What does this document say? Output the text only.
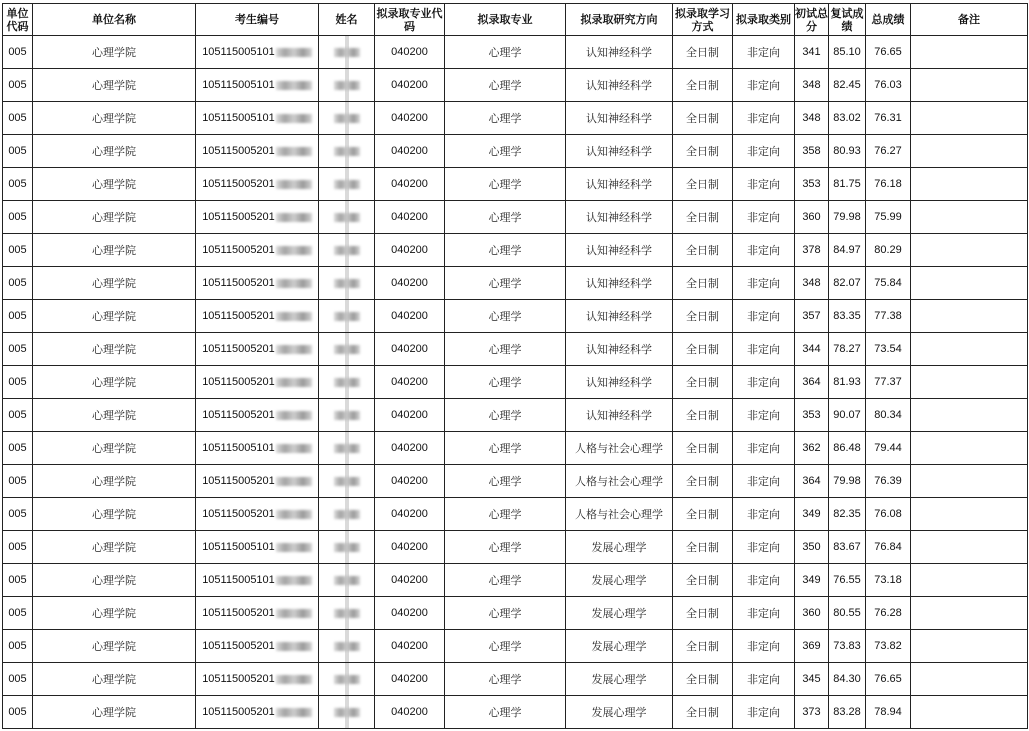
单位代码	单位名称	考生编号	姓名	拟录取专业代码	拟录取专业	拟录取研究方向	拟录取学习方式	拟录取类别	初试总分	复试成绩	总成绩	备注
005	心理学院	105115005101		040200	心理学	认知神经科学	全日制	非定向	341	85.10	76.65	
005	心理学院	105115005101		040200	心理学	认知神经科学	全日制	非定向	348	82.45	76.03	
005	心理学院	105115005101		040200	心理学	认知神经科学	全日制	非定向	348	83.02	76.31	
005	心理学院	105115005201		040200	心理学	认知神经科学	全日制	非定向	358	80.93	76.27	
005	心理学院	105115005201		040200	心理学	认知神经科学	全日制	非定向	353	81.75	76.18	
005	心理学院	105115005201		040200	心理学	认知神经科学	全日制	非定向	360	79.98	75.99	
005	心理学院	105115005201		040200	心理学	认知神经科学	全日制	非定向	378	84.97	80.29	
005	心理学院	105115005201		040200	心理学	认知神经科学	全日制	非定向	348	82.07	75.84	
005	心理学院	105115005201		040200	心理学	认知神经科学	全日制	非定向	357	83.35	77.38	
005	心理学院	105115005201		040200	心理学	认知神经科学	全日制	非定向	344	78.27	73.54	
005	心理学院	105115005201		040200	心理学	认知神经科学	全日制	非定向	364	81.93	77.37	
005	心理学院	105115005201		040200	心理学	认知神经科学	全日制	非定向	353	90.07	80.34	
005	心理学院	105115005101		040200	心理学	人格与社会心理学	全日制	非定向	362	86.48	79.44	
005	心理学院	105115005201		040200	心理学	人格与社会心理学	全日制	非定向	364	79.98	76.39	
005	心理学院	105115005201		040200	心理学	人格与社会心理学	全日制	非定向	349	82.35	76.08	
005	心理学院	105115005101		040200	心理学	发展心理学	全日制	非定向	350	83.67	76.84	
005	心理学院	105115005101		040200	心理学	发展心理学	全日制	非定向	349	76.55	73.18	
005	心理学院	105115005201		040200	心理学	发展心理学	全日制	非定向	360	80.55	76.28	
005	心理学院	105115005201		040200	心理学	发展心理学	全日制	非定向	369	73.83	73.82	
005	心理学院	105115005201		040200	心理学	发展心理学	全日制	非定向	345	84.30	76.65	
005	心理学院	105115005201		040200	心理学	发展心理学	全日制	非定向	373	83.28	78.94	
